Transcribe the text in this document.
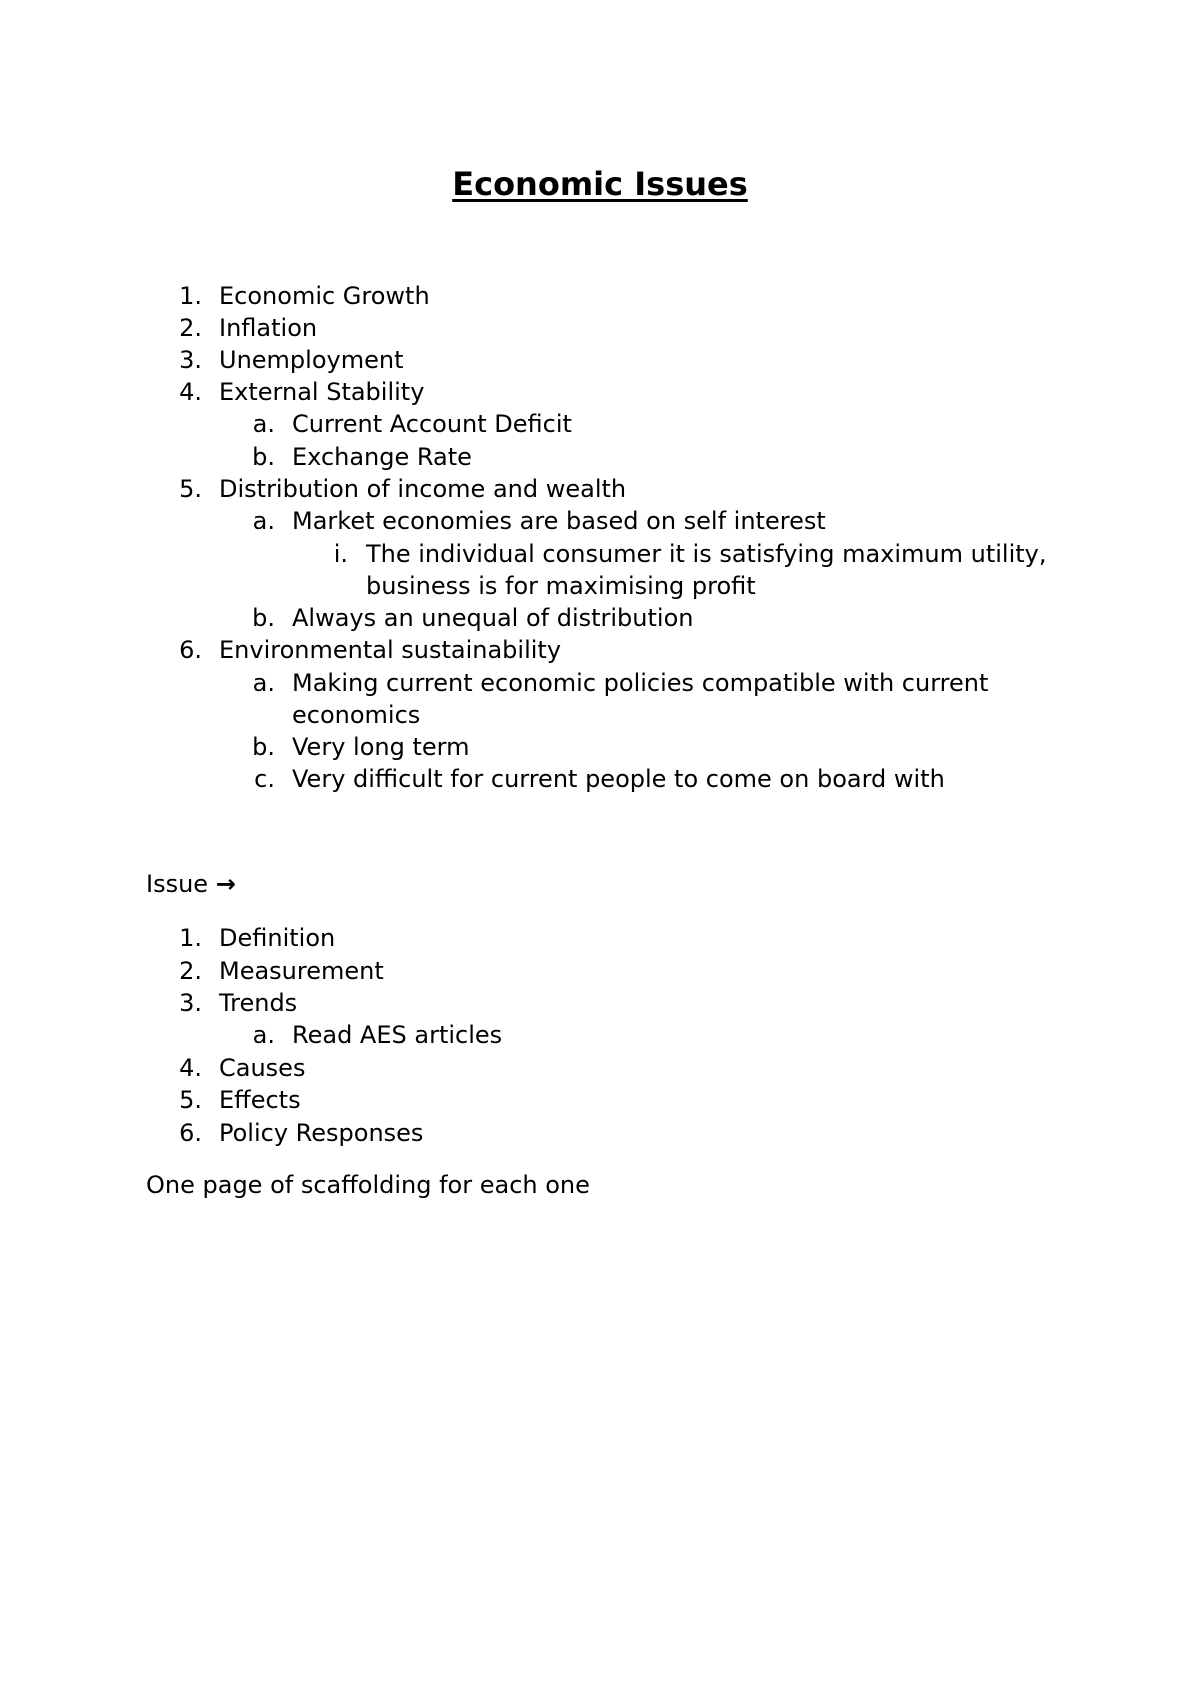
Economic Issues
1. Economic Growth
2. Inflation
3. Unemployment
4. External Stability
a. Current Account Deficit
b. Exchange Rate
5. Distribution of income and wealth
a. Market economies are based on self interest
i. The individual consumer it is satisfying maximum utility,
business is for maximising profit
b. Always an unequal of distribution
6. Environmental sustainability
a. Making current economic policies compatible with current
economics
b. Very long term
c. Very difficult for current people to come on board with
Issue →
1. Definition
2. Measurement
3. Trends
a. Read AES articles
4. Causes
5. Effects
6. Policy Responses
One page of scaffolding for each one
